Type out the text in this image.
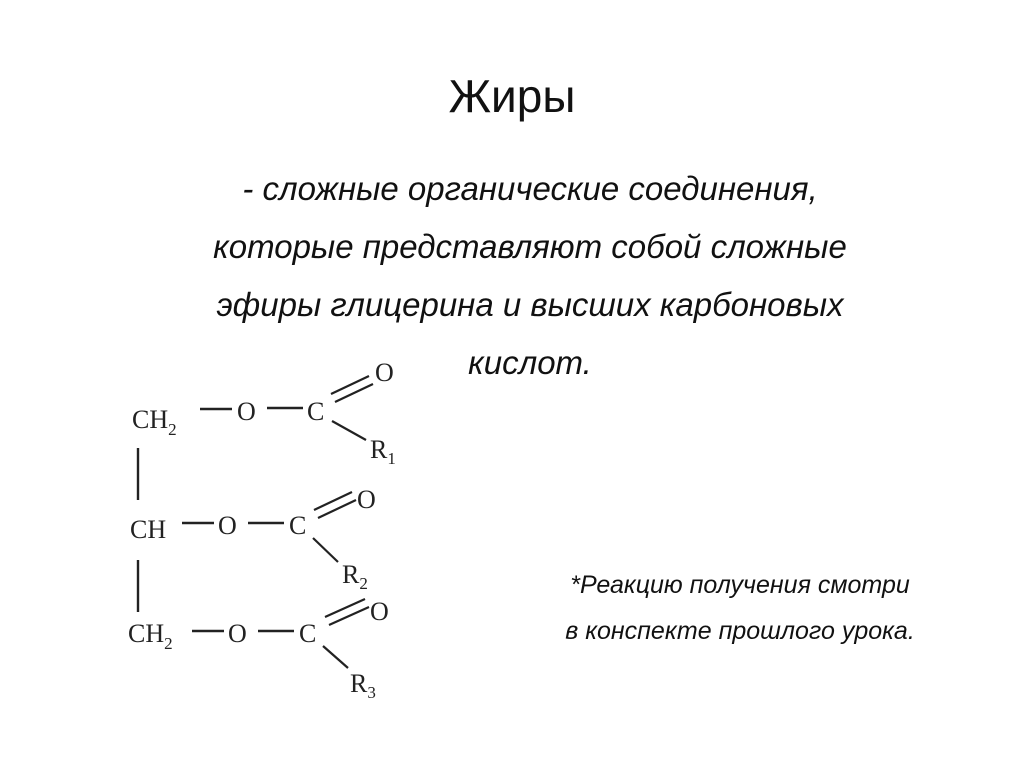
Жиры
- сложные органические соединения,
которые представляют собой сложные
эфиры глицерина и высших карбоновых
кислот.
*Реакцию получения смотри
в конспекте прошлого урока.
$CH_2$
O C
O
$R_1$
CH O C
O
$R_2$
$CH_2$ O C
O
$R_3$
